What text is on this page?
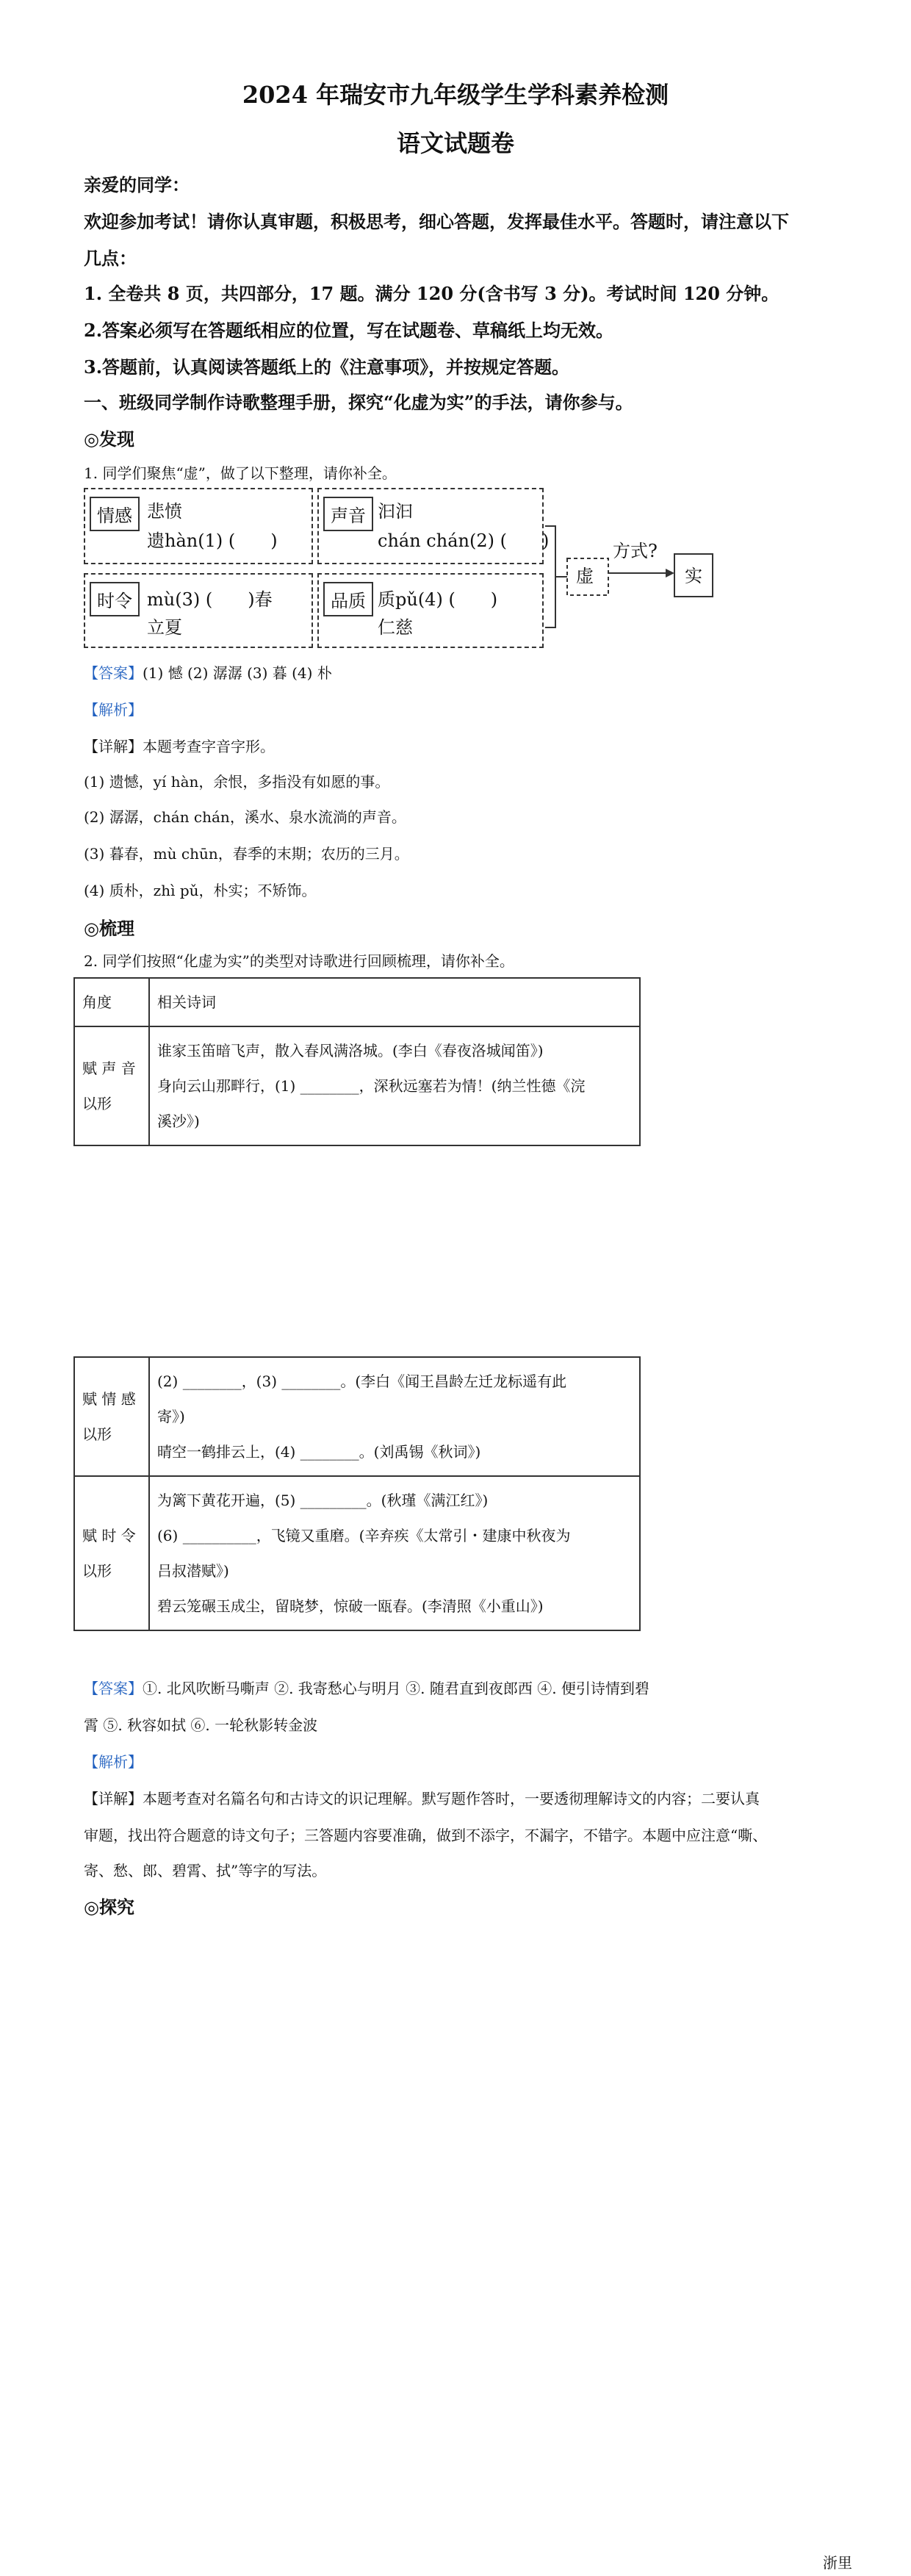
2024 年瑞安市九年级学生学科素养检测
语文试题卷
亲爱的同学：
欢迎参加考试！请你认真审题，积极思考，细心答题，发挥最佳水平。答题时，请注意以下
几点：
1. 全卷共 8 页，共四部分，17 题。满分 120 分(含书写 3 分)。考试时间 120 分钟。
2.答案必须写在答题纸相应的位置，写在试题卷、草稿纸上均无效。
3.答题前，认真阅读答题纸上的《注意事项》，并按规定答题。
一、班级同学制作诗歌整理手册，探究“化虚为实”的手法，请你参与。
◎发现
1. 同学们聚焦“虚”，做了以下整理，请你补全。
情感 悲愤
遗hàn(1) (　　)
声音 汩汩
chán chán(2) (　　)
时令 mù(3) (　　)春
立夏
品质 质pǔ(4) (　　)
仁慈
虚
方式?
实
【答案】(1) 憾 (2) 潺潺 (3) 暮 (4) 朴
【解析】
【详解】本题考查字音字形。
(1) 遗憾，yí hàn，余恨，多指没有如愿的事。
(2) 潺潺，chán chán，溪水、泉水流淌的声音。
(3) 暮春，mù chūn，春季的末期；农历的三月。
(4) 质朴，zhì pǔ，朴实；不矫饰。
◎梳理
2. 同学们按照“化虚为实”的类型对诗歌进行回顾梳理，请你补全。
角度	相关诗词
赋 声 音 以形	谁家玉笛暗飞声，散入春风满洛城。(李白《春夜洛城闻笛》)
身向云山那畔行，(1) ________，深秋远塞若为情！(纳兰性德《浣
溪沙》)
赋 情 感 以形	(2) ________，(3) ________。(李白《闻王昌龄左迁龙标遥有此
寄》)
晴空一鹤排云上，(4) ________。(刘禹锡《秋词》)

赋 时 令 以形	为篱下黄花开遍，(5) _________。(秋瑾《满江红》)
(6) __________，飞镜又重磨。(辛弃疾《太常引・建康中秋夜为
吕叔潜赋》)
碧云笼碾玉成尘，留晓梦，惊破一瓯春。(李清照《小重山》)
【答案】①. 北风吹断马嘶声 ②. 我寄愁心与明月 ③. 随君直到夜郎西 ④. 便引诗情到碧
霄 ⑤. 秋容如拭 ⑥. 一轮秋影转金波
【解析】
【详解】本题考查对名篇名句和古诗文的识记理解。默写题作答时，一要透彻理解诗文的内容；二要认真
审题，找出符合题意的诗文句子；三答题内容要准确，做到不添字，不漏字，不错字。本题中应注意“嘶、
寄、愁、郎、碧霄、拭”等字的写法。
◎探究
浙里
